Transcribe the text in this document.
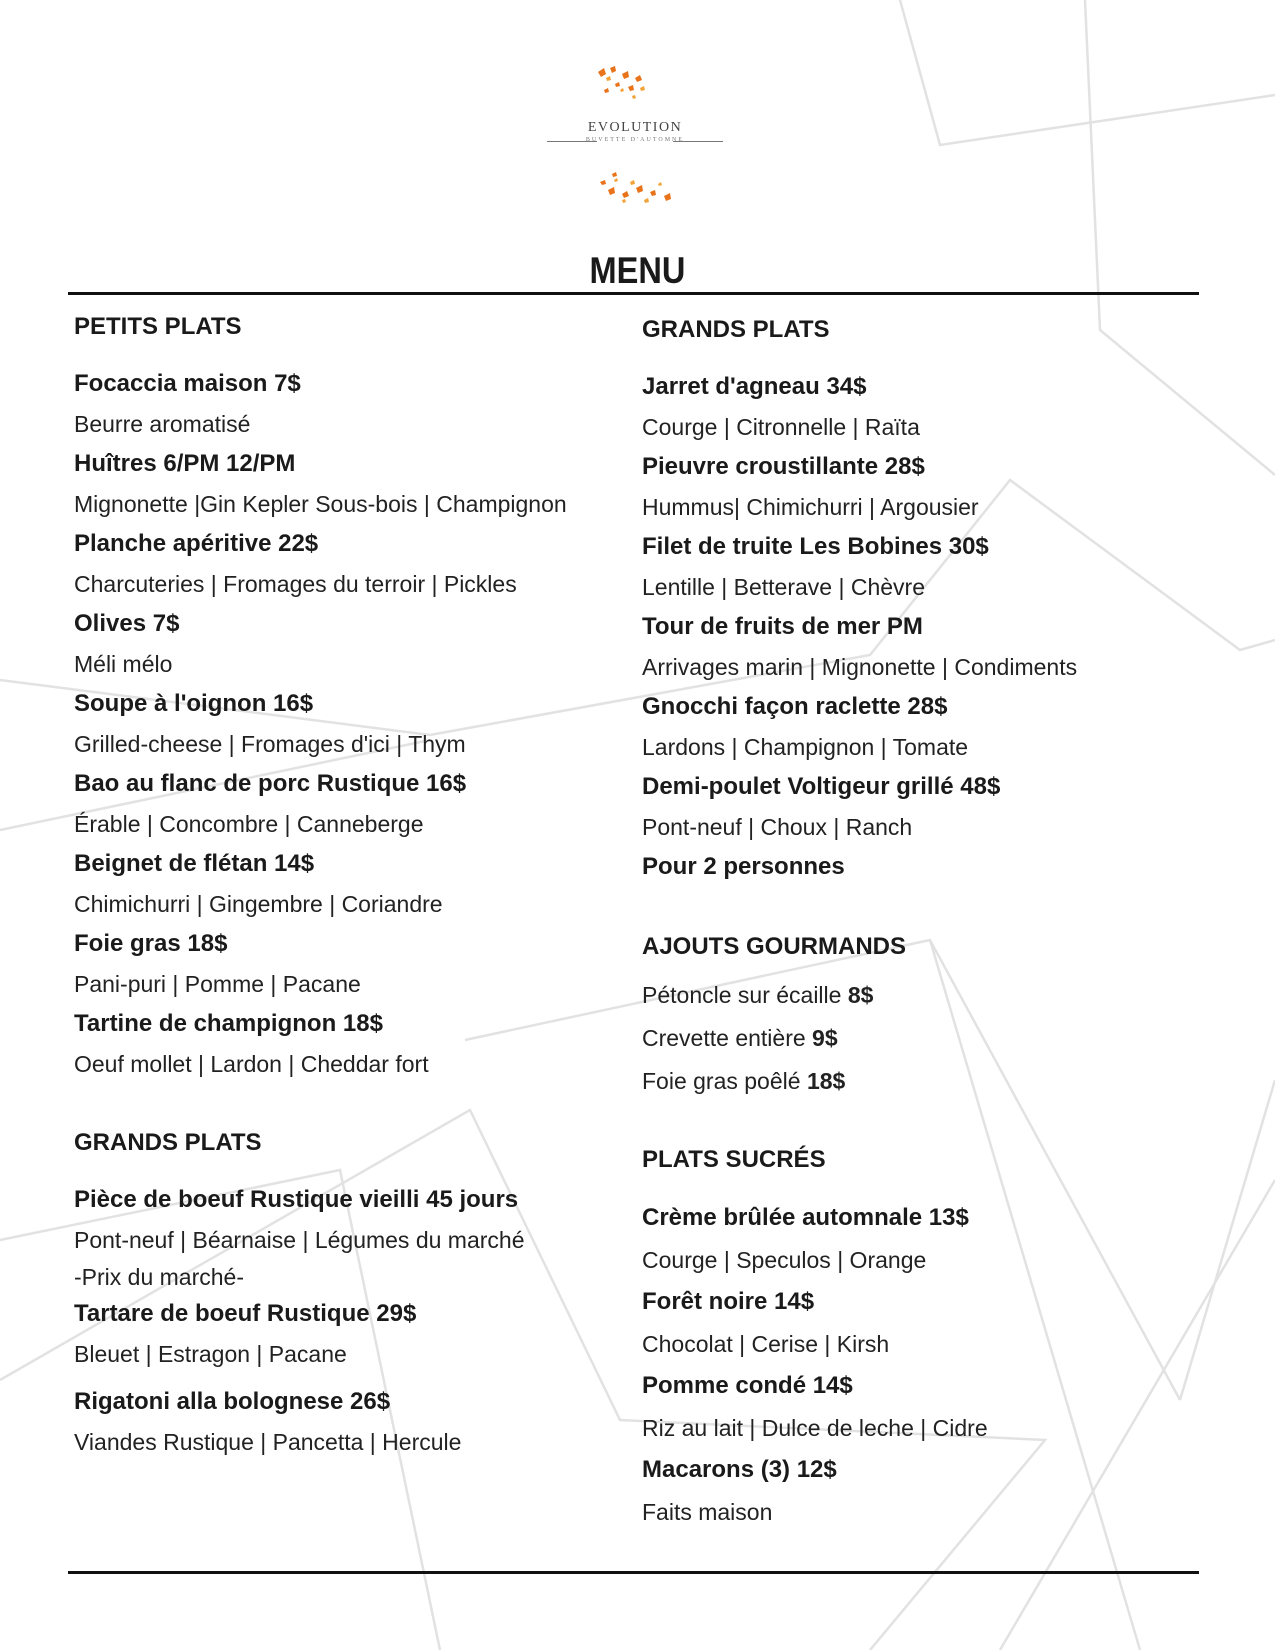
EVOLUTION
BUVETTE D'AUTOMNE
MENU
PETITS PLATS
Focaccia maison 7$
Beurre aromatisé
Huîtres 6/PM 12/PM
Mignonette |Gin Kepler Sous-bois | Champignon
Planche apéritive 22$
Charcuteries | Fromages du terroir | Pickles
Olives 7$
Méli mélo
Soupe à l'oignon 16$
Grilled-cheese | Fromages d'ici | Thym
Bao au flanc de porc Rustique 16$
Érable | Concombre | Canneberge
Beignet de flétan 14$
Chimichurri | Gingembre | Coriandre
Foie gras 18$
Pani-puri | Pomme | Pacane
Tartine de champignon 18$
Oeuf mollet | Lardon | Cheddar fort
GRANDS PLATS
Pièce de boeuf Rustique vieilli 45 jours
Pont-neuf | Béarnaise | Légumes du marché
-Prix du marché-
Tartare de boeuf Rustique 29$
Bleuet | Estragon | Pacane
Rigatoni alla bolognese 26$
Viandes Rustique | Pancetta | Hercule
GRANDS PLATS
Jarret d'agneau 34$
Courge | Citronnelle | Raïta
Pieuvre croustillante 28$
Hummus| Chimichurri | Argousier
Filet de truite Les Bobines 30$
Lentille | Betterave | Chèvre
Tour de fruits de mer PM
Arrivages marin | Mignonette | Condiments
Gnocchi façon raclette 28$
Lardons | Champignon | Tomate
Demi-poulet Voltigeur grillé 48$
Pont-neuf | Choux | Ranch
Pour 2 personnes
AJOUTS GOURMANDS
Pétoncle sur écaille 8$
Crevette entière 9$
Foie gras poêlé 18$
PLATS SUCRÉS
Crème brûlée automnale 13$
Courge | Speculos | Orange
Forêt noire 14$
Chocolat | Cerise | Kirsh
Pomme condé 14$
Riz au lait | Dulce de leche | Cidre
Macarons (3) 12$
Faits maison
